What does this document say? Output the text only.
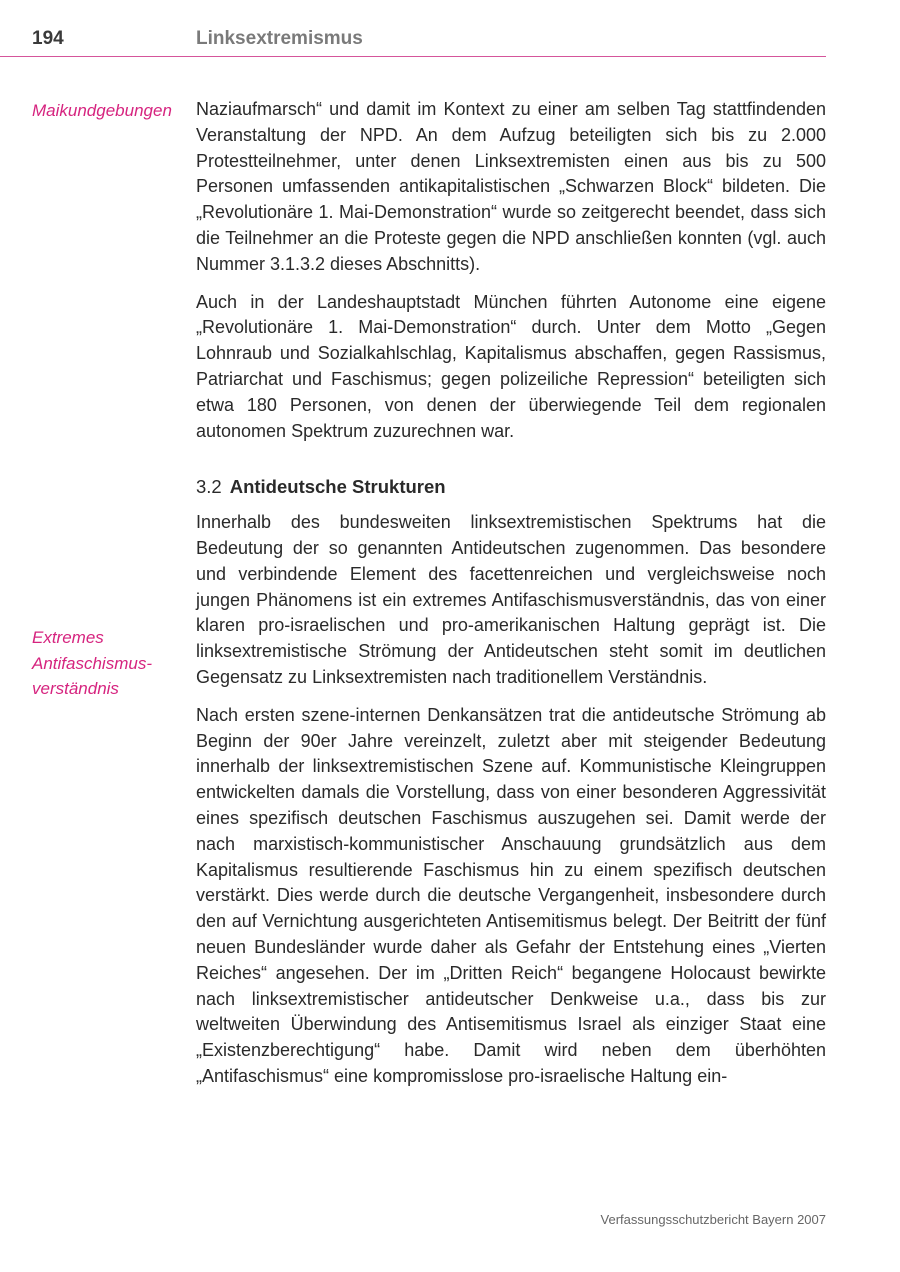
194	Linksextremismus
Maikundgebungen
Extremes Antifaschismus-verständnis

Naziaufmarsch“ und damit im Kontext zu einer am selben Tag stattfindenden Veranstaltung der NPD. An dem Aufzug beteiligten sich bis zu 2.000 Protestteilnehmer, unter denen Linksextremisten einen aus bis zu 500 Personen umfassenden antikapitalistischen „Schwarzen Block“ bildeten. Die „Revolutionäre 1. Mai-Demonstration“ wurde so zeitgerecht beendet, dass sich die Teilnehmer an die Proteste gegen die NPD anschließen konnten (vgl. auch Nummer 3.1.3.2 dieses Abschnitts).

Auch in der Landeshauptstadt München führten Autonome eine eigene „Revolutionäre 1. Mai-Demonstration“ durch. Unter dem Motto „Gegen Lohnraub und Sozialkahlschlag, Kapitalismus abschaffen, gegen Rassismus, Patriarchat und Faschismus; gegen polizeiliche Repression“ beteiligten sich etwa 180 Personen, von denen der überwiegende Teil dem regionalen autonomen Spektrum zuzurechnen war.

3.2 Antideutsche Strukturen

Innerhalb des bundesweiten linksextremistischen Spektrums hat die Bedeutung der so genannten Antideutschen zugenommen. Das besondere und verbindende Element des facettenreichen und vergleichsweise noch jungen Phänomens ist ein extremes Antifaschismusverständnis, das von einer klaren pro-israelischen und pro-amerikanischen Haltung geprägt ist. Die linksextremistische Strömung der Antideutschen steht somit im deutlichen Gegensatz zu Linksextremisten nach traditionellem Verständnis.

Nach ersten szene-internen Denkansätzen trat die antideutsche Strömung ab Beginn der 90er Jahre vereinzelt, zuletzt aber mit steigender Bedeutung innerhalb der linksextremistischen Szene auf. Kommunistische Kleingruppen entwickelten damals die Vorstellung, dass von einer besonderen Aggressivität eines spezifisch deutschen Faschismus auszugehen sei. Damit werde der nach marxistisch-kommunistischer Anschauung grundsätzlich aus dem Kapitalismus resultierende Faschismus hin zu einem spezifisch deutschen verstärkt. Dies werde durch die deutsche Vergangenheit, insbesondere durch den auf Vernichtung ausgerichteten Antisemitismus belegt. Der Beitritt der fünf neuen Bundesländer wurde daher als Gefahr der Entstehung eines „Vierten Reiches“ angesehen. Der im „Dritten Reich“ begangene Holocaust bewirkte nach linksextremistischer antideutscher Denkweise u.a., dass bis zur weltweiten Überwindung des Antisemitismus Israel als einziger Staat eine „Existenzberechtigung“ habe. Damit wird neben dem überhöhten „Antifaschismus“ eine kompromisslose pro-israelische Haltung ein-

Verfassungsschutzbericht Bayern 2007
